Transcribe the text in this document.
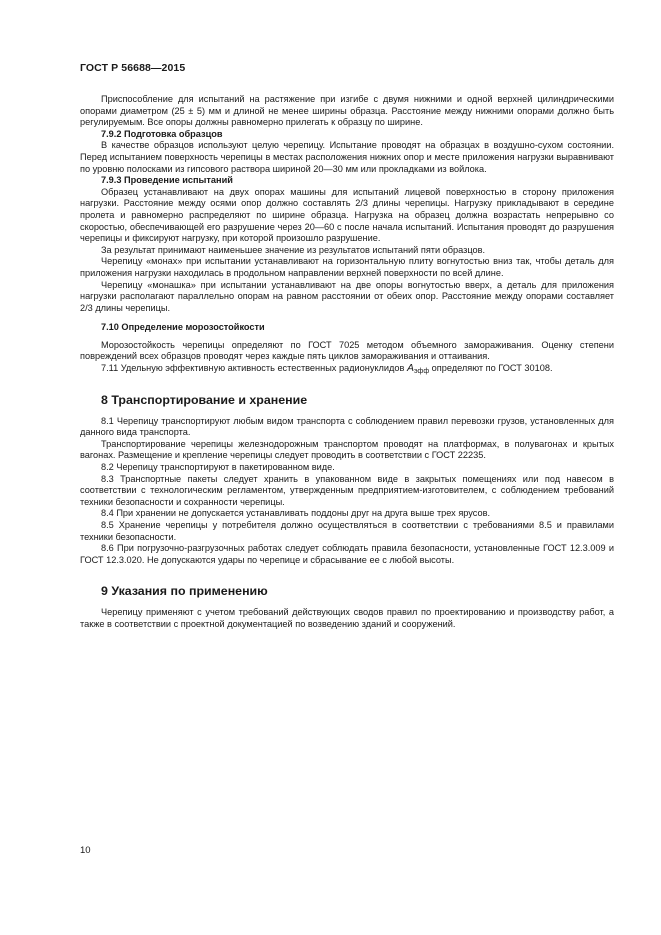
ГОСТ Р 56688—2015

Приспособление для испытаний на растяжение при изгибе с двумя нижними и одной верхней цилиндрическими опорами диаметром (25 ± 5) мм и длиной не менее ширины образца. Расстояние между нижними опорами должно быть регулируемым. Все опоры должны равномерно прилегать к образцу по ширине.

7.9.2 Подготовка образцов

В качестве образцов используют целую черепицу. Испытание проводят на образцах в воздушно-сухом состоянии. Перед испытанием поверхность черепицы в местах расположения нижних опор и месте приложения нагрузки выравнивают по уровню полосками из гипсового раствора шириной 20—30 мм или прокладками из войлока.

7.9.3 Проведение испытаний

Образец устанавливают на двух опорах машины для испытаний лицевой поверхностью в сторону приложения нагрузки. Расстояние между осями опор должно составлять 2/3 длины черепицы. Нагрузку прикладывают в середине пролета и равномерно распределяют по ширине образца. Нагрузка на образец должна возрастать непрерывно со скоростью, обеспечивающей его разрушение через 20—60 с после начала испытаний. Испытания проводят до разрушения черепицы и фиксируют нагрузку, при которой произошло разрушение.

За результат принимают наименьшее значение из результатов испытаний пяти образцов.

Черепицу «монах» при испытании устанавливают на горизонтальную плиту вогнутостью вниз так, чтобы деталь для приложения нагрузки находилась в продольном направлении верхней поверхности по всей длине.

Черепицу «монашка» при испытании устанавливают на две опоры вогнутостью вверх, а деталь для приложения нагрузки располагают параллельно опорам на равном расстоянии от обеих опор. Расстояние между опорами составляет 2/3 длины черепицы.

7.10 Определение морозостойкости

Морозостойкость черепицы определяют по ГОСТ 7025 методом объемного замораживания. Оценку степени повреждений всех образцов проводят через каждые пять циклов замораживания и оттаивания.

7.11 Удельную эффективную активность естественных радионуклидов $A_{эфф}$ определяют по ГОСТ 30108.

8 Транспортирование и хранение

8.1 Черепицу транспортируют любым видом транспорта с соблюдением правил перевозки грузов, установленных для данного вида транспорта.

Транспортирование черепицы железнодорожным транспортом проводят на платформах, в полувагонах и крытых вагонах. Размещение и крепление черепицы следует проводить в соответствии с ГОСТ 22235.

8.2 Черепицу транспортируют в пакетированном виде.

8.3 Транспортные пакеты следует хранить в упакованном виде в закрытых помещениях или под навесом в соответствии с технологическим регламентом, утвержденным предприятием-изготовителем, с соблюдением требований техники безопасности и сохранности черепицы.

8.4 При хранении не допускается устанавливать поддоны друг на друга выше трех ярусов.

8.5 Хранение черепицы у потребителя должно осуществляться в соответствии с требованиями 8.5 и правилами техники безопасности.

8.6 При погрузочно-разгрузочных работах следует соблюдать правила безопасности, установленные ГОСТ 12.3.009 и ГОСТ 12.3.020. Не допускаются удары по черепице и сбрасывание ее с любой высоты.

9 Указания по применению

Черепицу применяют с учетом требований действующих сводов правил по проектированию и производству работ, а также в соответствии с проектной документацией по возведению зданий и сооружений.

10
